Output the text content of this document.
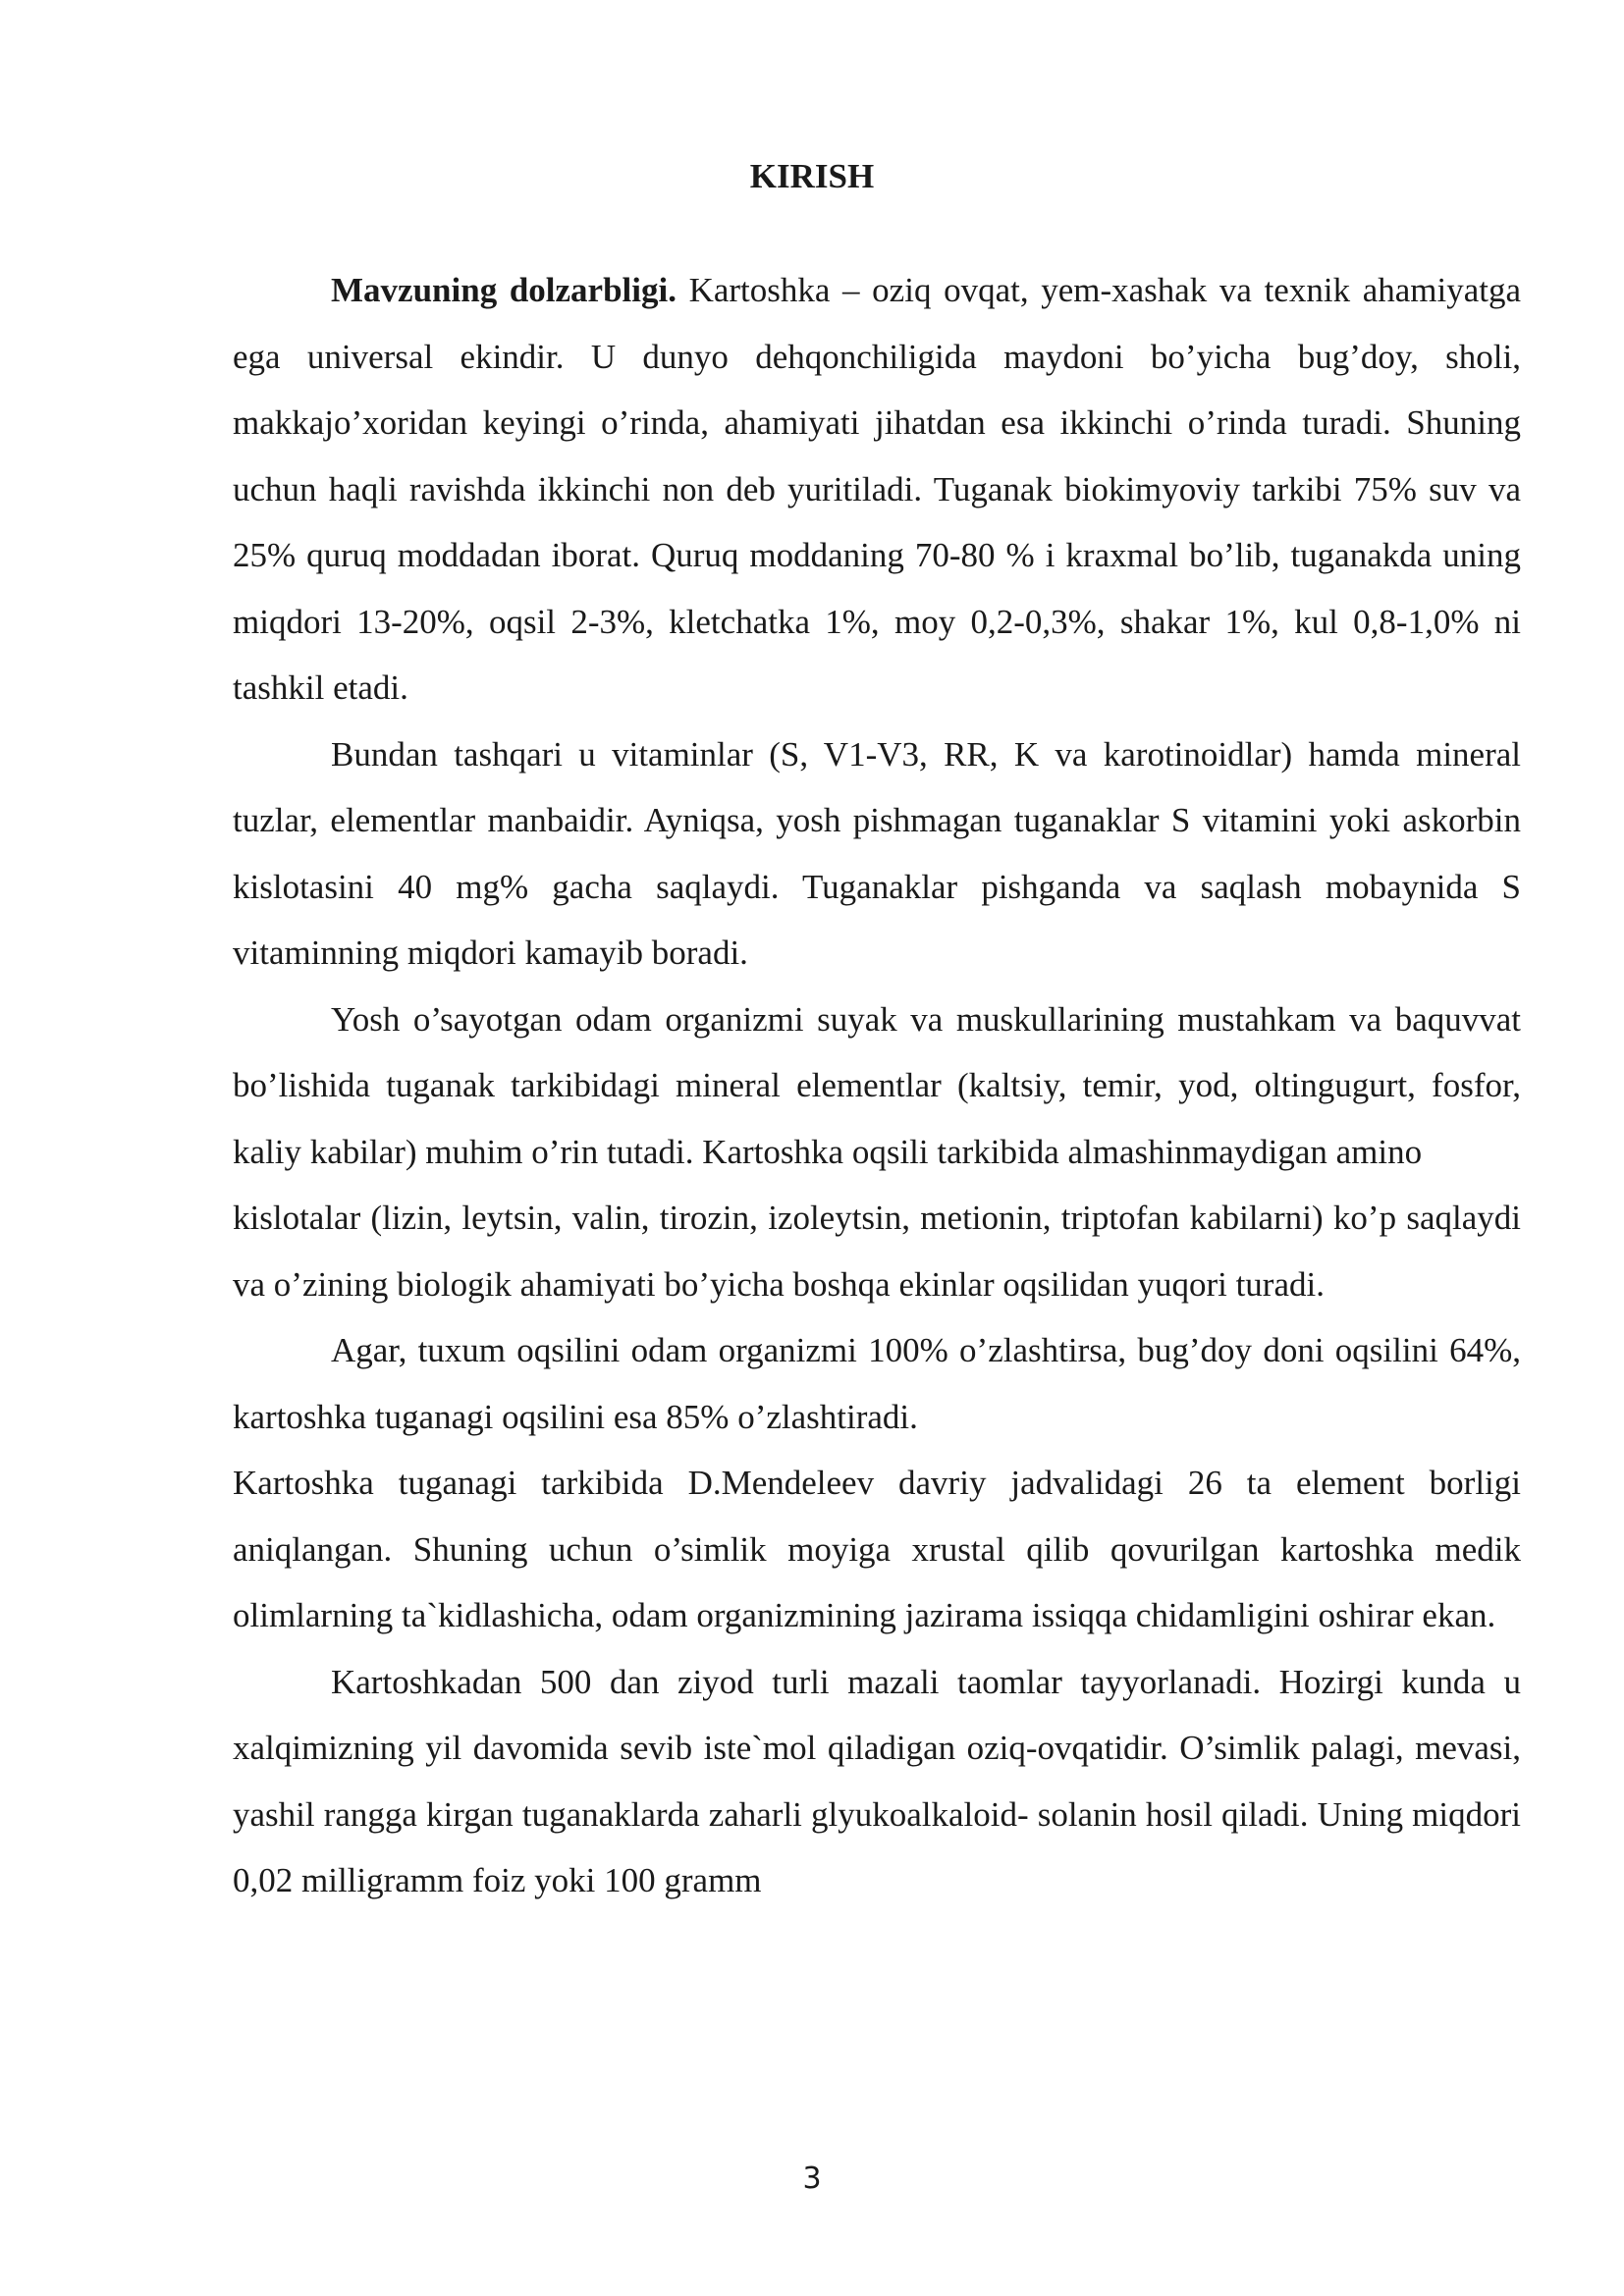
KIRISH

Mavzuning dolzarbligi. Kartoshka – oziq ovqat, yem-xashak va texnik ahamiyatga ega universal ekindir. U dunyo dehqonchiligida maydoni bo’yicha bug’doy, sholi, makkajo’xoridan keyingi o’rinda, ahamiyati jihatdan esa ikkinchi o’rinda turadi. Shuning uchun haqli ravishda ikkinchi non deb yuritiladi. Tuganak biokimyoviy tarkibi 75% suv va 25% quruq moddadan iborat. Quruq moddaning 70-80 % i kraxmal bo’lib, tuganakda uning miqdori 13-20%, oqsil 2-3%, kletchatka 1%, moy 0,2-0,3%, shakar 1%, kul 0,8-1,0% ni tashkil etadi.

Bundan tashqari u vitaminlar (S, V1-V3, RR, K va karotinoidlar) hamda mineral tuzlar, elementlar manbaidir. Ayniqsa, yosh pishmagan tuganaklar S vitamini yoki askorbin kislotasini 40 mg% gacha saqlaydi. Tuganaklar pishganda va saqlash mobaynida S vitaminning miqdori kamayib boradi.

Yosh o’sayotgan odam organizmi suyak va muskullarining mustahkam va baquvvat bo’lishida tuganak tarkibidagi mineral elementlar (kaltsiy, temir, yod, oltingugurt, fosfor, kaliy kabilar) muhim o’rin tutadi. Kartoshka oqsili tarkibida almashinmaydigan amino

kislotalar (lizin, leytsin, valin, tirozin, izoleytsin, metionin, triptofan kabilarni) ko’p saqlaydi va o’zining biologik ahamiyati bo’yicha boshqa ekinlar oqsilidan yuqori turadi.

Agar, tuxum oqsilini odam organizmi 100% o’zlashtirsa, bug’doy doni oqsilini 64%, kartoshka tuganagi oqsilini esa 85% o’zlashtiradi.

Kartoshka tuganagi tarkibida D.Mendeleev davriy jadvalidagi 26 ta element borligi aniqlangan. Shuning uchun o’simlik moyiga xrustal qilib qovurilgan kartoshka medik olimlarning ta`kidlashicha, odam organizmining jazirama issiqqa chidamligini oshirar ekan.

Kartoshkadan 500 dan ziyod turli mazali taomlar tayyorlanadi. Hozirgi kunda u xalqimizning yil davomida sevib iste`mol qiladigan oziq-ovqatidir. O’simlik palagi, mevasi, yashil rangga kirgan tuganaklarda zaharli glyukoalkaloid- solanin hosil qiladi. Uning miqdori 0,02 milligramm foiz yoki 100 gramm

3
